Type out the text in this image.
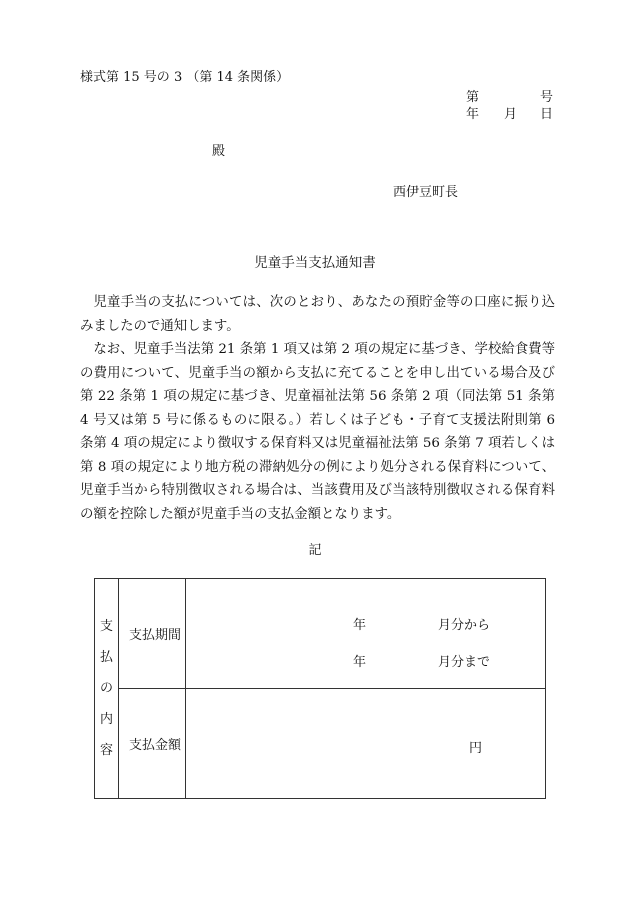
様式第 15 号の 3 （第 14 条関係）
第	号
年 月 日
殿
西伊豆町長
児童手当支払通知書

児童手当の支払については、次のとおり、あなたの預貯金等の口座に振り込みましたので通知します。

なお、児童手当法第 21 条第 1 項又は第 2 項の規定に基づき、学校給食費等の費用について、児童手当の額から支払に充てることを申し出ている場合及び第 22 条第 1 項の規定に基づき、児童福祉法第 56 条第 2 項（同法第 51 条第 4 号又は第 5 号に係るものに限る。）若しくは子ども・子育て支援法附則第 6 条第 4 項の規定により徴収する保育料又は児童福祉法第 56 条第 7 項若しくは第 8 項の規定により地方税の滞納処分の例により処分される保育料について、児童手当から特別徴収される場合は、当該費用及び当該特別徴収される保育料の額を控除した額が児童手当の支払金額となります。

記
支
払
の
内
容	支払期間	年 月分から
年 月分まで

	支払金額	円
